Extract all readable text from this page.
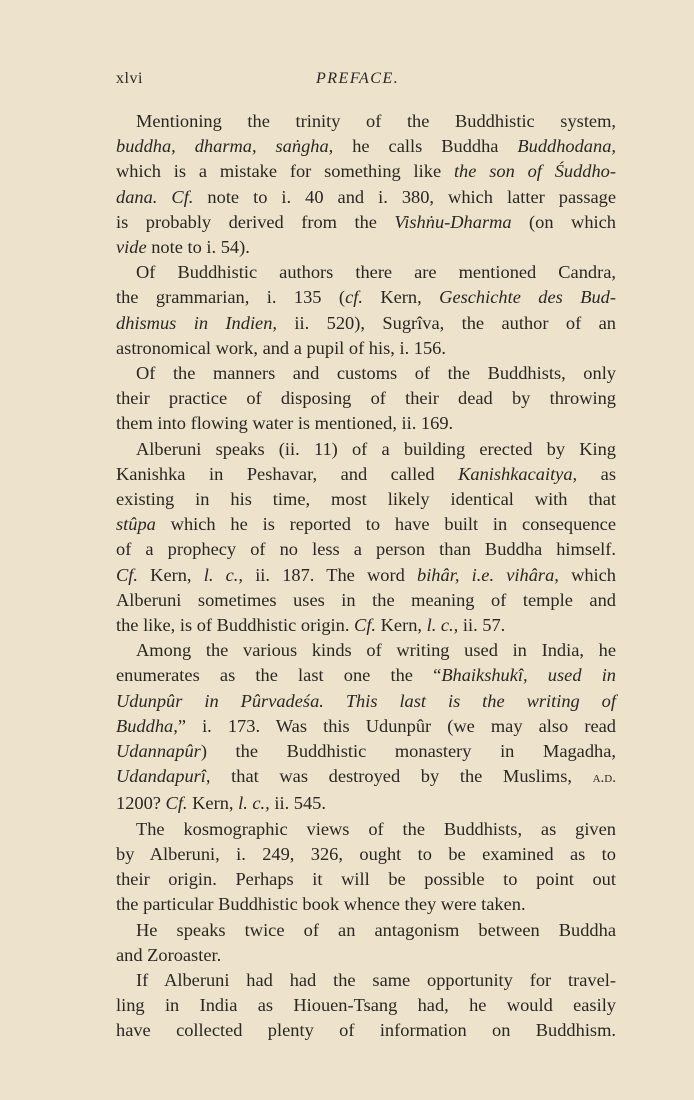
xlvi	PREFACE.
Mentioning the trinity of the Buddhistic system,
buddha, dharma, saṅgha, he calls Buddha Buddhodana,
which is a mistake for something like the son of Śuddho-
dana. Cf. note to i. 40 and i. 380, which latter passage
is probably derived from the Vishṅu-Dharma (on which
vide note to i. 54).
Of Buddhistic authors there are mentioned Candra,
the grammarian, i. 135 (cf. Kern, Geschichte des Bud-
dhismus in Indien, ii. 520), Sugrîva, the author of an
astronomical work, and a pupil of his, i. 156.
Of the manners and customs of the Buddhists, only
their practice of disposing of their dead by throwing
them into flowing water is mentioned, ii. 169.
Alberuni speaks (ii. 11) of a building erected by King
Kanishka in Peshavar, and called Kanishkacaitya, as
existing in his time, most likely identical with that
stûpa which he is reported to have built in consequence
of a prophecy of no less a person than Buddha himself.
Cf. Kern, l. c., ii. 187. The word bihâr, i.e. vihâra, which
Alberuni sometimes uses in the meaning of temple and
the like, is of Buddhistic origin. Cf. Kern, l. c., ii. 57.
Among the various kinds of writing used in India, he
enumerates as the last one the “Bhaikshukî, used in
Udunpûr in Pûrvadeśa. This last is the writing of
Buddha,” i. 173. Was this Udunpûr (we may also read
Udannapûr) the Buddhistic monastery in Magadha,
Udandapurî, that was destroyed by the Muslims, a.d.
1200? Cf. Kern, l. c., ii. 545.
The kosmographic views of the Buddhists, as given
by Alberuni, i. 249, 326, ought to be examined as to
their origin. Perhaps it will be possible to point out
the particular Buddhistic book whence they were taken.
He speaks twice of an antagonism between Buddha
and Zoroaster.
If Alberuni had had the same opportunity for travel-
ling in India as Hiouen-Tsang had, he would easily
have collected plenty of information on Buddhism.
